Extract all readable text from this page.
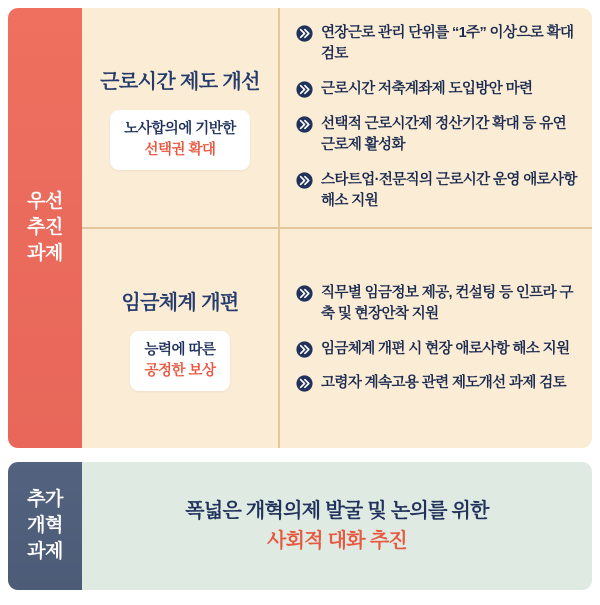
우선
추진
과제
근로시간 제도 개선
노사합의에 기반한
선택권 확대
연장근로 관리 단위를 “1주” 이상으로 확대 검토
근로시간 저축계좌제 도입방안 마련
선택적 근로시간제 정산기간 확대 등 유연근로제 활성화
스타트업·전문직의 근로시간 운영 애로사항 해소 지원
임금체계 개편
능력에 따른
공정한 보상
직무별 임금정보 제공, 컨설팅 등 인프라 구축 및 현장안착 지원
임금체계 개편 시 현장 애로사항 해소 지원
고령자 계속고용 관련 제도개선 과제 검토
추가
개혁
과제
폭넓은 개혁의제 발굴 및 논의를 위한
사회적 대화 추진
